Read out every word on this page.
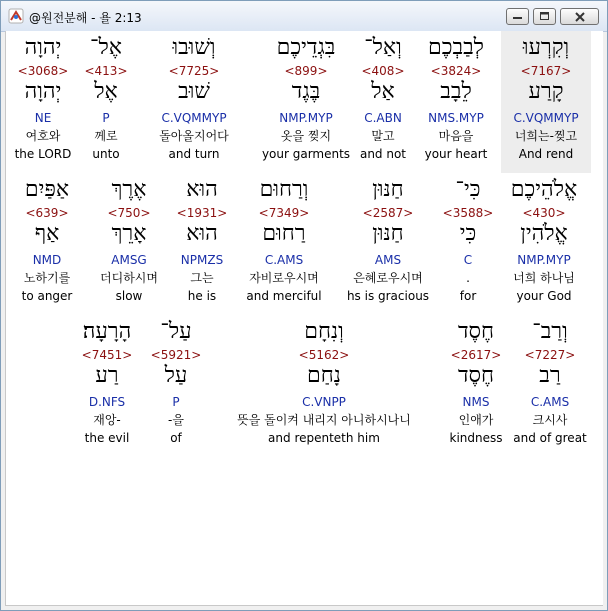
@원전분해 - 욜 2:13
וְקִרְעוּ
<7167>
קָרַע
C.VQMMYP
너희는-찢고
And rend
לְבַבְכֶם
<3824>
לֵבָב
NMS.MYP
마음을
your heart
וְאַל־
<408>
אַל
C.ABN
말고
and not
בִּגְדֵיכֶם
<899>
בֶּגֶד
NMP.MYP
옷을 찢지
your garments
וְשׁוּבוּ
<7725>
שׁוּב
C.VQMMYP
돌아올지어다
and turn
אֶל־
<413>
אֶל
P
께로
unto
יְהוָה
<3068>
יְהוָה
NE
여호와
the LORD
אֱלֹהֵיכֶם
<430>
אֱלֹהִין
NMP.MYP
너희 하나님
your God
כִּי־
<3588>
כִּי
C
.
for
חַנּוּן
<2587>
חַנּוּן
AMS
은혜로우시며
hs is gracious
וְרַחוּם
<7349>
רַחוּם
C.AMS
자비로우시며
and merciful
הוּא
<1931>
הוּא
NPMZS
그는
he is
אֶרֶךְ
<750>
אָרֵךְ
AMSG
더디하시며
slow
אַפַּיִם
<639>
אַף
NMD
노하기를
to anger
וְרַב־
<7227>
רַב
C.AMS
크시사
and of great
חֶסֶד
<2617>
חֶסֶד
NMS
인애가
kindness
וְנִחָם
<5162>
נָחַם
C.VNPP
뜻을 돌이켜 내리지 아니하시나니
and repenteth him
עַל־
<5921>
עַל
P
-을
of
הָרָעָה׃
<7451>
רַע
D.NFS
재앙-
the evil
